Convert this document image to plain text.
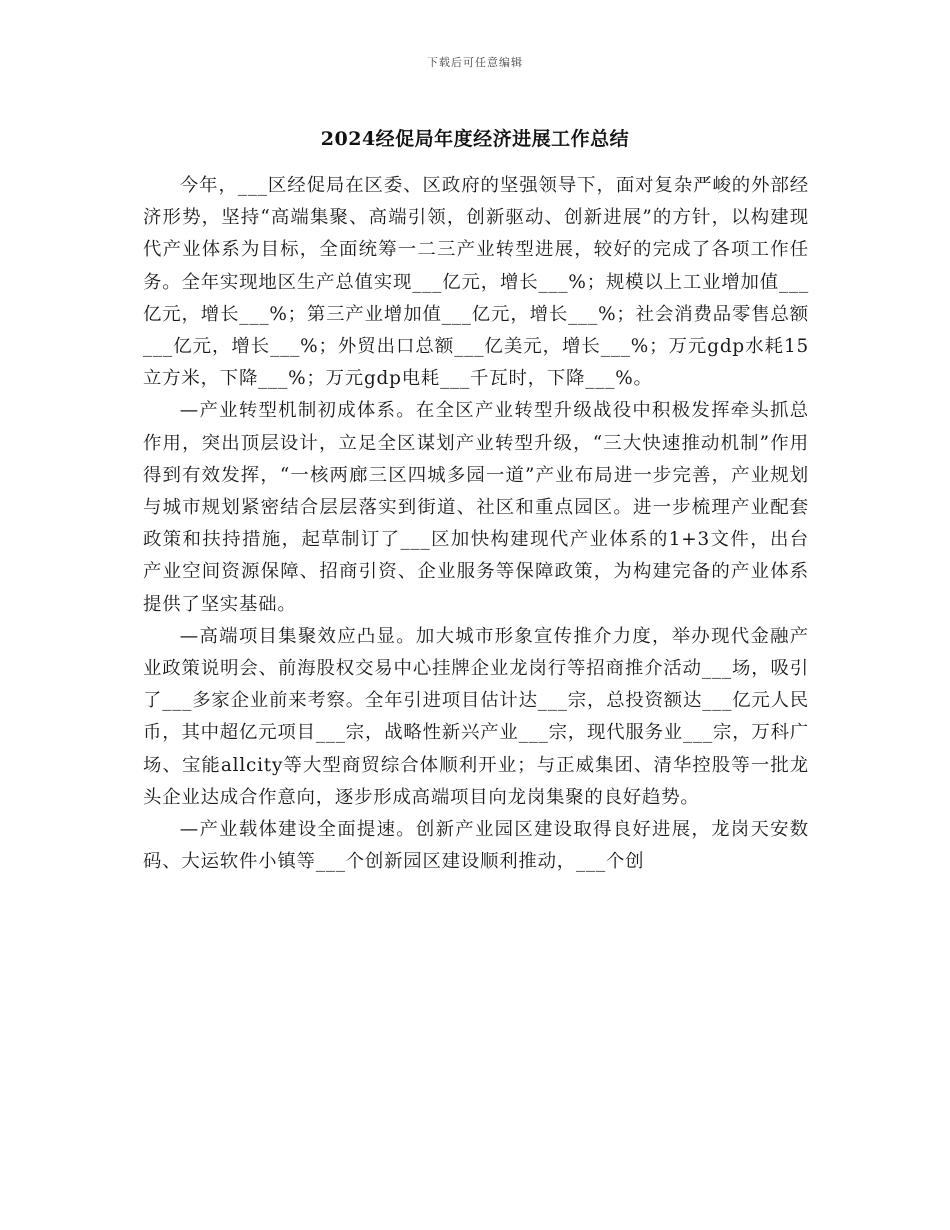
下载后可任意编辑
2024经促局年度经济进展工作总结

今年，___区经促局在区委、区政府的坚强领导下，面对复杂严峻的外部经济形势，坚持“高端集聚、高端引领，创新驱动、创新进展”的方针，以构建现代产业体系为目标，全面统筹一二三产业转型进展，较好的完成了各项工作任务。全年实现地区生产总值实现___亿元，增长___%；规模以上工业增加值___亿元，增长___%；第三产业增加值___亿元，增长___%；社会消费品零售总额___亿元，增长___%；外贸出口总额___亿美元，增长___%；万元gdp水耗15立方米，下降___%；万元gdp电耗___千瓦时，下降___%。

—产业转型机制初成体系。在全区产业转型升级战役中积极发挥牵头抓总作用，突出顶层设计，立足全区谋划产业转型升级，“三大快速推动机制”作用得到有效发挥，“一核两廊三区四城多园一道”产业布局进一步完善，产业规划与城市规划紧密结合层层落实到街道、社区和重点园区。进一步梳理产业配套政策和扶持措施，起草制订了___区加快构建现代产业体系的1+3文件，出台产业空间资源保障、招商引资、企业服务等保障政策，为构建完备的产业体系提供了坚实基础。

—高端项目集聚效应凸显。加大城市形象宣传推介力度，举办现代金融产业政策说明会、前海股权交易中心挂牌企业龙岗行等招商推介活动___场，吸引了___多家企业前来考察。全年引进项目估计达___宗，总投资额达___亿元人民币，其中超亿元项目___宗，战略性新兴产业___宗，现代服务业___宗，万科广场、宝能allcity等大型商贸综合体顺利开业；与正威集团、清华控股等一批龙头企业达成合作意向，逐步形成高端项目向龙岗集聚的良好趋势。

—产业载体建设全面提速。创新产业园区建设取得良好进展，龙岗天安数码、大运软件小镇等___个创新园区建设顺利推动，___个创
